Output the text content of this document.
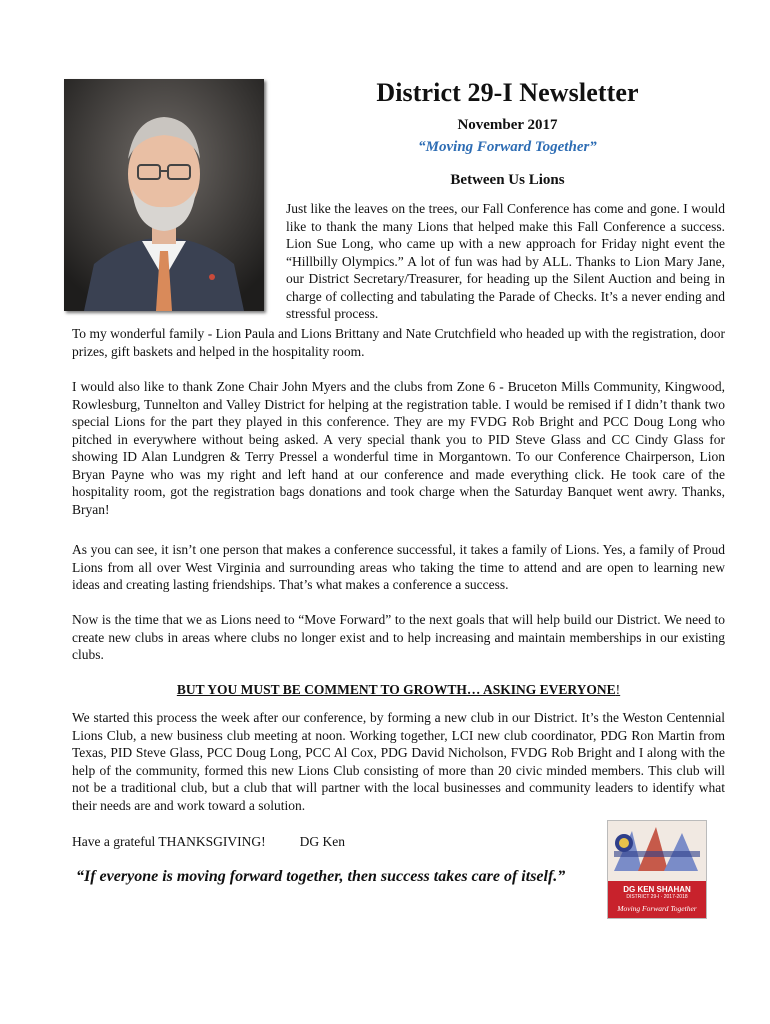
District 29-I Newsletter
November 2017
“Moving Forward Together”
Between Us Lions

Just like the leaves on the trees, our Fall Conference has come and gone. I would like to thank the many Lions that helped make this Fall Conference a success. Lion Sue Long, who came up with a new approach for Friday night event the “Hillbilly Olympics.” A lot of fun was had by ALL. Thanks to Lion Mary Jane, our District Secretary/Treasurer, for heading up the Silent Auction and being in charge of collecting and tabulating the Parade of Checks. It’s a never ending and stressful process.

To my wonderful family - Lion Paula and Lions Brittany and Nate Crutchfield who headed up with the registration, door prizes, gift baskets and helped in the hospitality room.

I would also like to thank Zone Chair John Myers and the clubs from Zone 6 - Bruceton Mills Community, Kingwood, Rowlesburg, Tunnelton and Valley District for helping at the registration table. I would be remised if I didn’t thank two special Lions for the part they played in this conference. They are my FVDG Rob Bright and PCC Doug Long who pitched in everywhere without being asked. A very special thank you to PID Steve Glass and CC Cindy Glass for showing ID Alan Lundgren & Terry Pressel a wonderful time in Morgantown. To our Conference Chairperson, Lion Bryan Payne who was my right and left hand at our conference and made everything click. He took care of the hospitality room, got the registration bags donations and took charge when the Saturday Banquet went awry. Thanks, Bryan!

As you can see, it isn’t one person that makes a conference successful, it takes a family of Lions. Yes, a family of Proud Lions from all over West Virginia and surrounding areas who taking the time to attend and are open to learning new ideas and creating lasting friendships. That’s what makes a conference a success.

Now is the time that we as Lions need to “Move Forward” to the next goals that will help build our District. We need to create new clubs in areas where clubs no longer exist and to help increasing and maintain memberships in our existing clubs.

BUT YOU MUST BE COMMENT TO GROWTH… ASKING EVERYONE!

We started this process the week after our conference, by forming a new club in our District. It’s the Weston Centennial Lions Club, a new business club meeting at noon. Working together, LCI new club coordinator, PDG Ron Martin from Texas, PID Steve Glass, PCC Doug Long, PCC Al Cox, PDG David Nicholson, FVDG Rob Bright and I along with the help of the community, formed this new Lions Club consisting of more than 20 civic minded members. This club will not be a traditional club, but a club that will partner with the local businesses and community leaders to identify what their needs are and work toward a solution.

Have a grateful THANKSGIVING!	DG Ken
“If everyone is moving forward together, then success takes care of itself.”
DG KEN SHAHAN
DISTRICT 29-I · 2017-2018
Moving Forward Together
